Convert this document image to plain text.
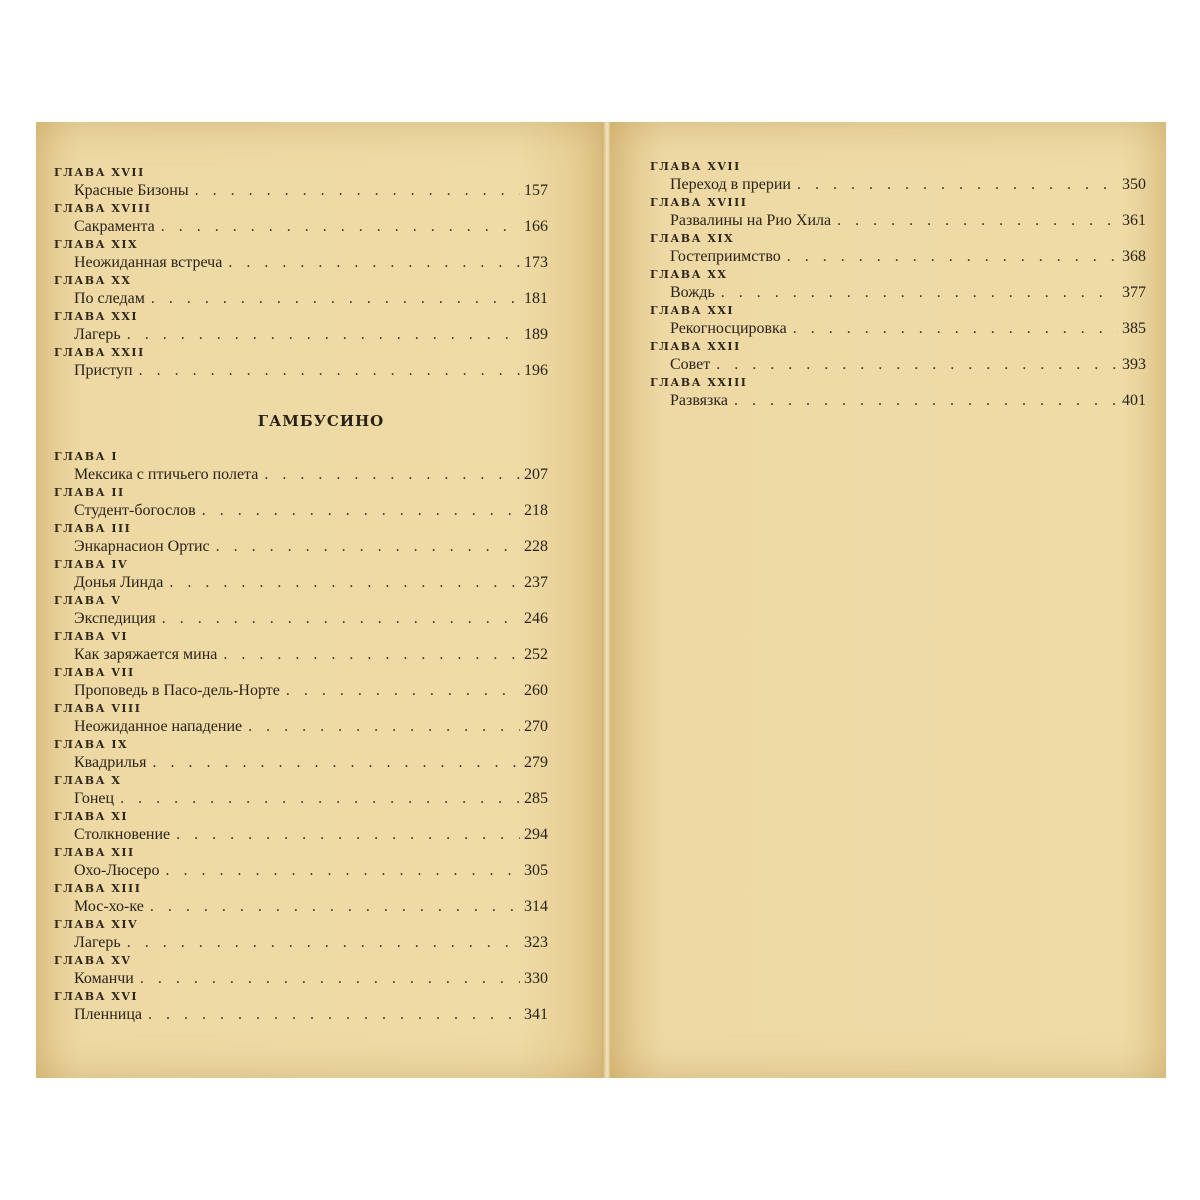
ГЛАВА XVII
Красные Бизоны . . .	157
ГЛАВА XVIII
Сакрамента . . .	166
ГЛАВА XIX
Неожиданная встреча . . .	173
ГЛАВА XX
По следам . . .	181
ГЛАВА XXI
Лагерь . . .	189
ГЛАВА XXII
Приступ . . .	196
ГАМБУСИНО
ГЛАВА I
Мексика с птичьего полета . . .	207
ГЛАВА II
Студент-богослов . . .	218
ГЛАВА III
Энкарнасион Ортис . . .	228
ГЛАВА IV
Донья Линда . . .	237
ГЛАВА V
Экспедиция . . .	246
ГЛАВА VI
Как заряжается мина . . .	252
ГЛАВА VII
Проповедь в Пасо-дель-Норте . . .	260
ГЛАВА VIII
Неожиданное нападение . . .	270
ГЛАВА IX
Квадрилья . . .	279
ГЛАВА X
Гонец . . .	285
ГЛАВА XI
Столкновение . . .	294
ГЛАВА XII
Охо-Люсеро . . .	305
ГЛАВА XIII
Мос-хо-ке . . .	314
ГЛАВА XIV
Лагерь . . .	323
ГЛАВА XV
Команчи . . .	330
ГЛАВА XVI
Пленница . . .	341
ГЛАВА XVII
Переход в прерии . . .	350
ГЛАВА XVIII
Развалины на Рио Хила . . .	361
ГЛАВА XIX
Гостеприимство . . .	368
ГЛАВА XX
Вождь . . .	377
ГЛАВА XXI
Рекогносцировка . . .	385
ГЛАВА XXII
Совет . . .	393
ГЛАВА XXIII
Развязка . . .	401
